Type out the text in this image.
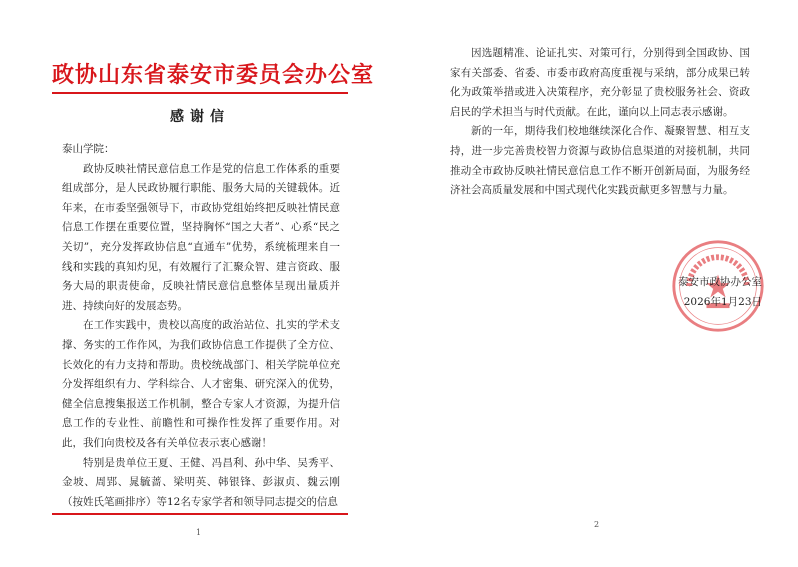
政协山东省泰安市委员会办公室
感谢信

泰山学院：

政协反映社情民意信息工作是党的信息工作体系的重要组成部分，是人民政协履行职能、服务大局的关键载体。近年来，在市委坚强领导下，市政协党组始终把反映社情民意信息工作摆在重要位置，坚持胸怀“国之大者”、心系“民之关切”，充分发挥政协信息“直通车”优势，系统梳理来自一线和实践的真知灼见，有效履行了汇聚众智、建言资政、服务大局的职责使命，反映社情民意信息整体呈现出量质并进、持续向好的发展态势。

在工作实践中，贵校以高度的政治站位、扎实的学术支撑、务实的工作作风，为我们政协信息工作提供了全方位、长效化的有力支持和帮助。贵校统战部门、相关学院单位充分发挥组织有力、学科综合、人才密集、研究深入的优势，健全信息搜集报送工作机制，整合专家人才资源，为提升信息工作的专业性、前瞻性和可操作性发挥了重要作用。对此，我们向贵校及各有关单位表示衷心感谢！

特别是贵单位王夏、王健、冯昌利、孙中华、吴秀平、金坡、周郢、晁毓蔷、梁明英、韩银锋、彭淑贞、魏云刚（按姓氏笔画排序）等12名专家学者和领导同志提交的信息

1

因选题精准、论证扎实、对策可行，分别得到全国政协、国家有关部委、省委、市委市政府高度重视与采纳，部分成果已转化为政策举措或进入决策程序，充分彰显了贵校服务社会、资政启民的学术担当与时代贡献。在此，谨向以上同志表示感谢。

新的一年，期待我们校地继续深化合作、凝聚智慧、相互支持，进一步完善贵校智力资源与政协信息渠道的对接机制，共同推动全市政协反映社情民意信息工作不断开创新局面，为服务经济社会高质量发展和中国式现代化实践贡献更多智慧与力量。

泰安市政协办公室
2026年1月23日
2
